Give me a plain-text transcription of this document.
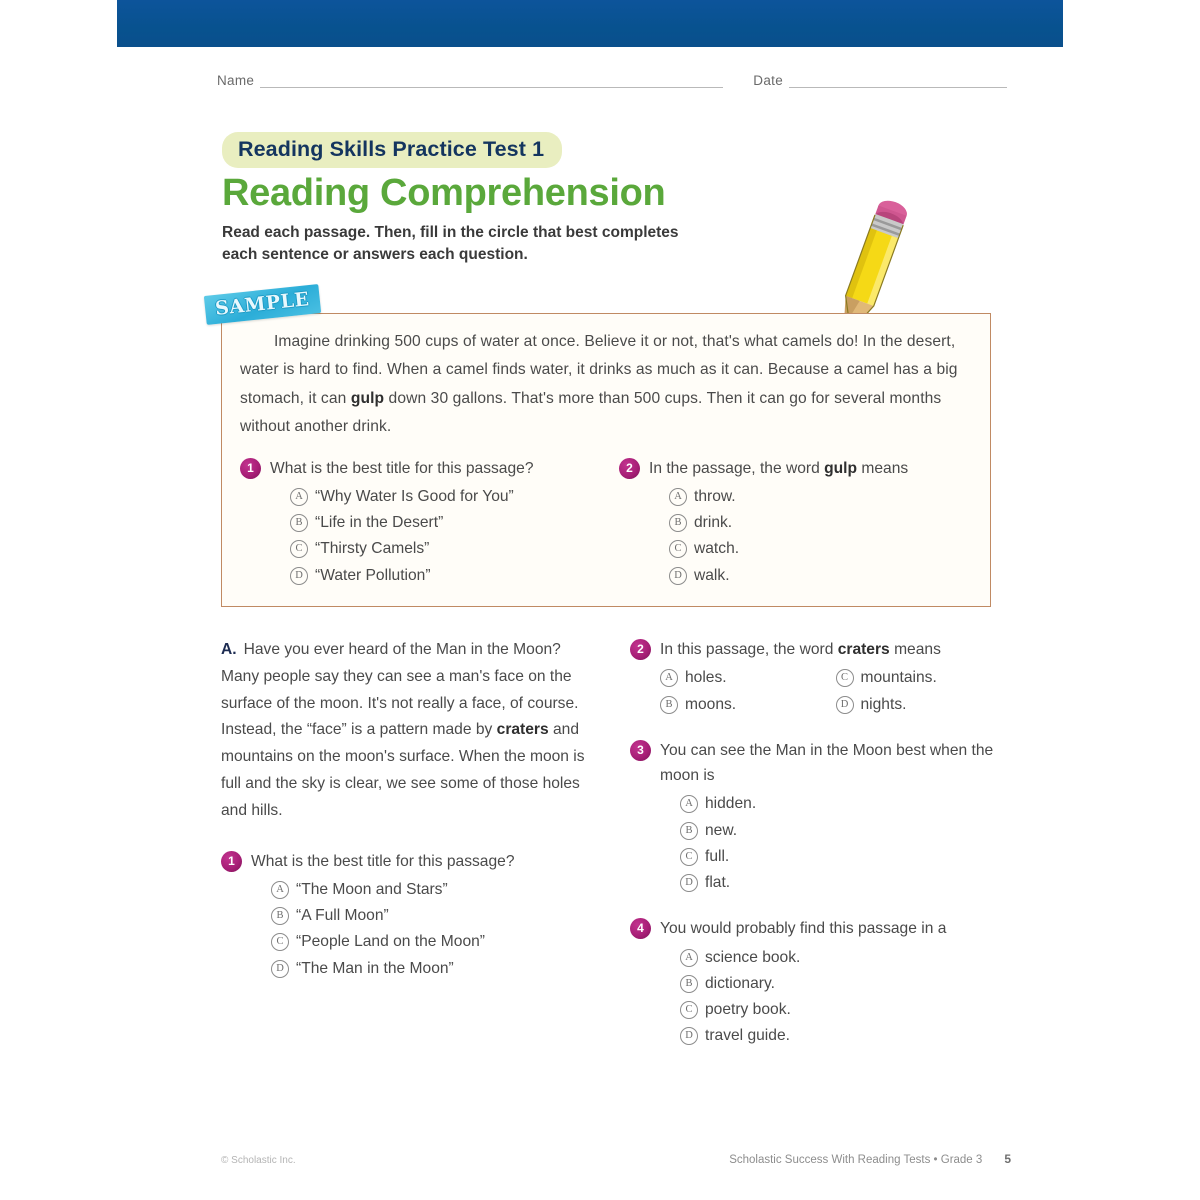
Name	Date
Reading Skills Practice Test 1
Reading Comprehension
Read each passage. Then, fill in the circle that best completes each sentence or answers each question.
SAMPLE
Imagine drinking 500 cups of water at once. Believe it or not, that's what camels do! In the desert, water is hard to find. When a camel finds water, it drinks as much as it can. Because a camel has a big stomach, it can gulp down 30 gallons. That's more than 500 cups. Then it can go for several months without another drink.
1	What is the best title for this passage?
A “Why Water Is Good for You”
B “Life in the Desert”
C “Thirsty Camels”
D “Water Pollution”
2	In the passage, the word gulp means
A throw.
B drink.
C watch.
D walk.
A. Have you ever heard of the Man in the Moon? Many people say they can see a man's face on the surface of the moon. It's not really a face, of course. Instead, the “face” is a pattern made by craters and mountains on the moon's surface. When the moon is full and the sky is clear, we see some of those holes and hills.
1	What is the best title for this passage?
A “The Moon and Stars”
B “A Full Moon”
C “People Land on the Moon”
D “The Man in the Moon”
2	In this passage, the word craters means
A holes.	C mountains.
B moons.	D nights.
3	You can see the Man in the Moon best when the moon is
A hidden.
B new.
C full.
D flat.
4	You would probably find this passage in a
A science book.
B dictionary.
C poetry book.
D travel guide.
© Scholastic Inc.	Scholastic Success With Reading Tests • Grade 3 5
